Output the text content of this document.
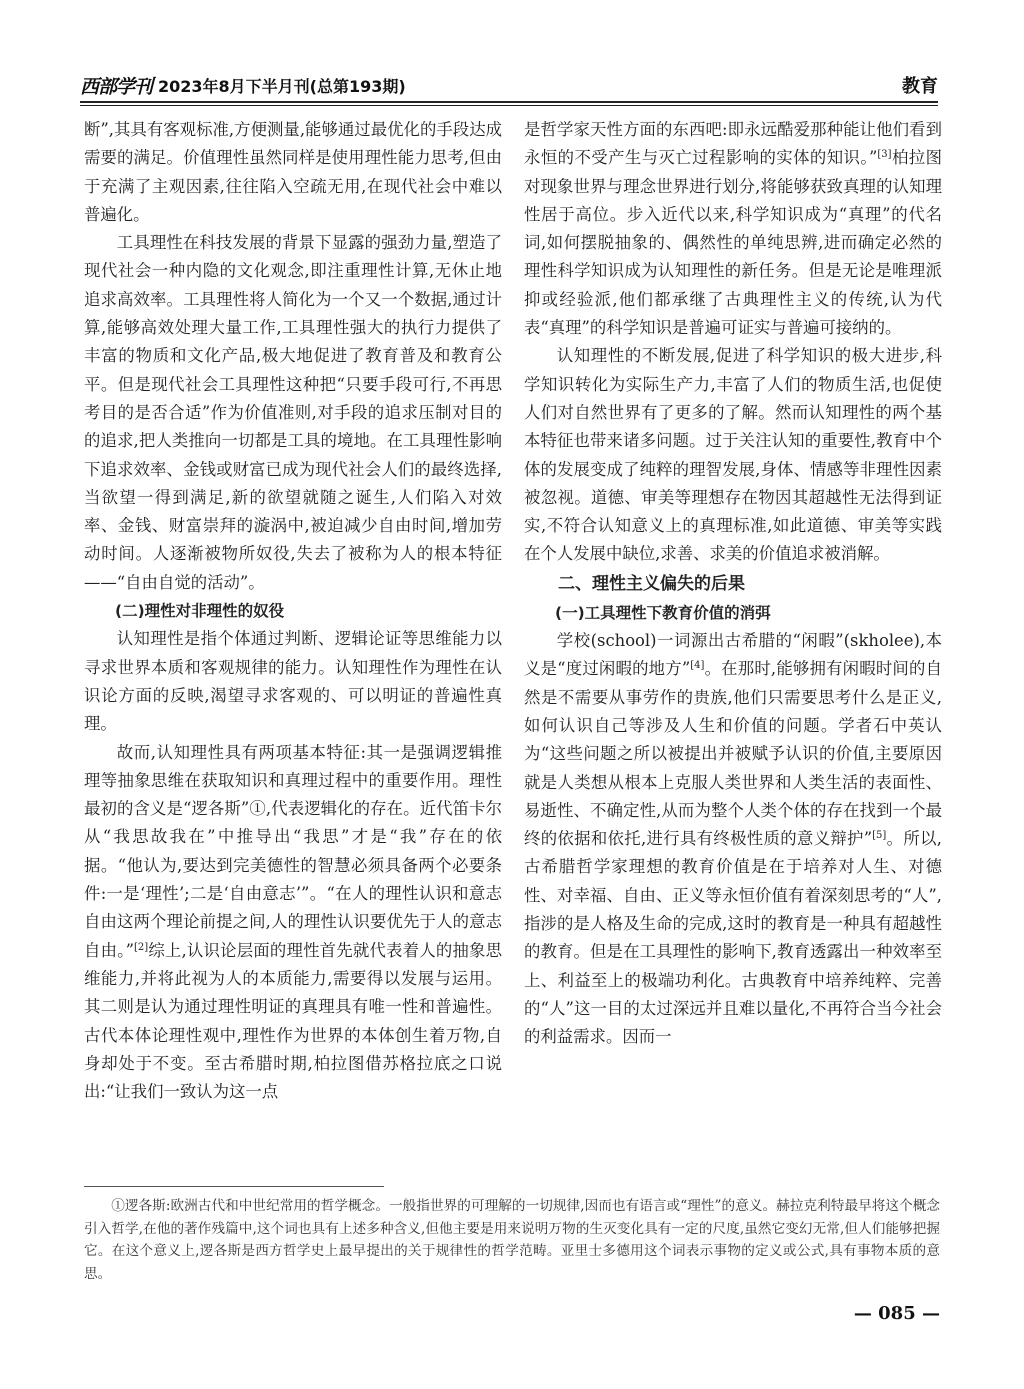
西部学刊 2023年8月下半月刊(总第193期)	教育

断”,其具有客观标准,方便测量,能够通过最优化的手段达成需要的满足。价值理性虽然同样是使用理性能力思考,但由于充满了主观因素,往往陷入空疏无用,在现代社会中难以普遍化。

工具理性在科技发展的背景下显露的强劲力量,塑造了现代社会一种内隐的文化观念,即注重理性计算,无休止地追求高效率。工具理性将人简化为一个又一个数据,通过计算,能够高效处理大量工作,工具理性强大的执行力提供了丰富的物质和文化产品,极大地促进了教育普及和教育公平。但是现代社会工具理性这种把“只要手段可行,不再思考目的是否合适”作为价值准则,对手段的追求压制对目的的追求,把人类推向一切都是工具的境地。在工具理性影响下追求效率、金钱或财富已成为现代社会人们的最终选择,当欲望一得到满足,新的欲望就随之诞生,人们陷入对效率、金钱、财富崇拜的漩涡中,被迫减少自由时间,增加劳动时间。人逐渐被物所奴役,失去了被称为人的根本特征——“自由自觉的活动”。

(二)理性对非理性的奴役

认知理性是指个体通过判断、逻辑论证等思维能力以寻求世界本质和客观规律的能力。认知理性作为理性在认识论方面的反映,渴望寻求客观的、可以明证的普遍性真理。

故而,认知理性具有两项基本特征:其一是强调逻辑推理等抽象思维在获取知识和真理过程中的重要作用。理性最初的含义是“逻各斯”①,代表逻辑化的存在。近代笛卡尔从“我思故我在”中推导出“我思”才是“我”存在的依据。“他认为,要达到完美德性的智慧必须具备两个必要条件:一是‘理性’;二是‘自由意志’”。“在人的理性认识和意志自由这两个理论前提之间,人的理性认识要优先于人的意志自由。”[2]综上,认识论层面的理性首先就代表着人的抽象思维能力,并将此视为人的本质能力,需要得以发展与运用。其二则是认为通过理性明证的真理具有唯一性和普遍性。古代本体论理性观中,理性作为世界的本体创生着万物,自身却处于不变。至古希腊时期,柏拉图借苏格拉底之口说出:“让我们一致认为这一点

是哲学家天性方面的东西吧:即永远酷爱那种能让他们看到永恒的不受产生与灭亡过程影响的实体的知识。”[3]柏拉图对现象世界与理念世界进行划分,将能够获致真理的认知理性居于高位。步入近代以来,科学知识成为“真理”的代名词,如何摆脱抽象的、偶然性的单纯思辨,进而确定必然的理性科学知识成为认知理性的新任务。但是无论是唯理派抑或经验派,他们都承继了古典理性主义的传统,认为代表“真理”的科学知识是普遍可证实与普遍可接纳的。

认知理性的不断发展,促进了科学知识的极大进步,科学知识转化为实际生产力,丰富了人们的物质生活,也促使人们对自然世界有了更多的了解。然而认知理性的两个基本特征也带来诸多问题。过于关注认知的重要性,教育中个体的发展变成了纯粹的理智发展,身体、情感等非理性因素被忽视。道德、审美等理想存在物因其超越性无法得到证实,不符合认知意义上的真理标准,如此道德、审美等实践在个人发展中缺位,求善、求美的价值追求被消解。

二、理性主义偏失的后果
(一)工具理性下教育价值的消弭

学校(school)一词源出古希腊的“闲暇”(skholee),本义是“度过闲暇的地方”[4]。在那时,能够拥有闲暇时间的自然是不需要从事劳作的贵族,他们只需要思考什么是正义,如何认识自己等涉及人生和价值的问题。学者石中英认为“这些问题之所以被提出并被赋予认识的价值,主要原因就是人类想从根本上克服人类世界和人类生活的表面性、易逝性、不确定性,从而为整个人类个体的存在找到一个最终的依据和依托,进行具有终极性质的意义辩护”[5]。所以,古希腊哲学家理想的教育价值是在于培养对人生、对德性、对幸福、自由、正义等永恒价值有着深刻思考的“人”,指涉的是人格及生命的完成,这时的教育是一种具有超越性的教育。但是在工具理性的影响下,教育透露出一种效率至上、利益至上的极端功利化。古典教育中培养纯粹、完善的“人”这一目的太过深远并且难以量化,不再符合当今社会的利益需求。因而一

①逻各斯:欧洲古代和中世纪常用的哲学概念。一般指世界的可理解的一切规律,因而也有语言或“理性”的意义。赫拉克利特最早将这个概念引入哲学,在他的著作残篇中,这个词也具有上述多种含义,但他主要是用来说明万物的生灭变化具有一定的尺度,虽然它变幻无常,但人们能够把握它。在这个意义上,逻各斯是西方哲学史上最早提出的关于规律性的哲学范畴。亚里士多德用这个词表示事物的定义或公式,具有事物本质的意思。
— 085 —
